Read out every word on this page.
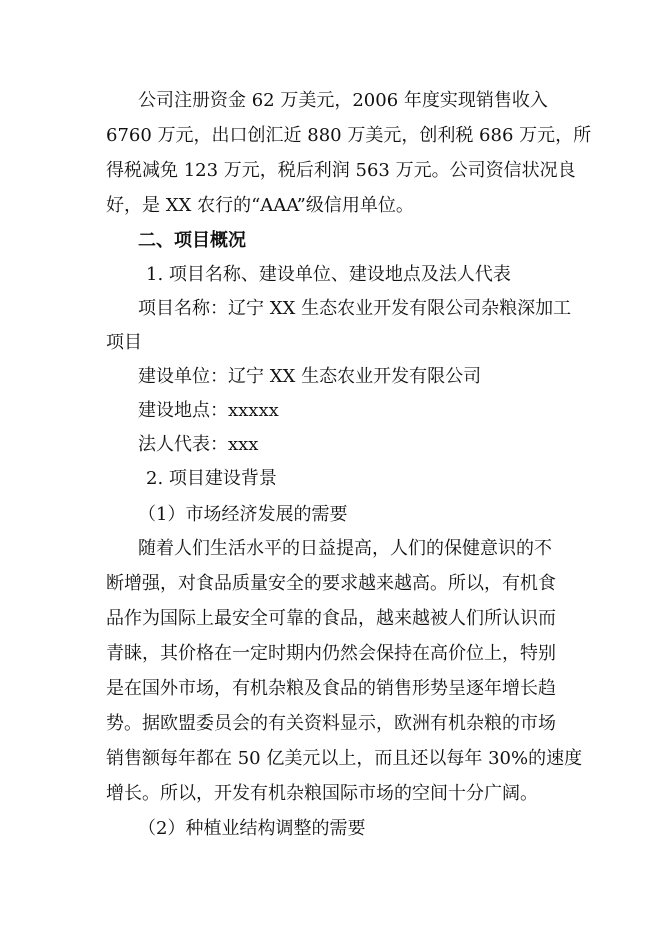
公司注册资金 62 万美元，2006 年度实现销售收入

6760 万元，出口创汇近 880 万美元，创利税 686 万元，所

得税减免 123 万元，税后利润 563 万元。公司资信状况良

好，是 XX 农行的“AAA”级信用单位。

二、项目概况

1. 项目名称、建设单位、建设地点及法人代表

项目名称：辽宁 XX 生态农业开发有限公司杂粮深加工

项目

建设单位：辽宁 XX 生态农业开发有限公司

建设地点：xxxxx

法人代表：xxx

2. 项目建设背景

（1）市场经济发展的需要

随着人们生活水平的日益提高，人们的保健意识的不

断增强，对食品质量安全的要求越来越高。所以，有机食

品作为国际上最安全可靠的食品，越来越被人们所认识而

青睐，其价格在一定时期内仍然会保持在高价位上，特别

是在国外市场，有机杂粮及食品的销售形势呈逐年增长趋

势。据欧盟委员会的有关资料显示，欧洲有机杂粮的市场

销售额每年都在 50 亿美元以上，而且还以每年 30%的速度

增长。所以，开发有机杂粮国际市场的空间十分广阔。

（2）种植业结构调整的需要
